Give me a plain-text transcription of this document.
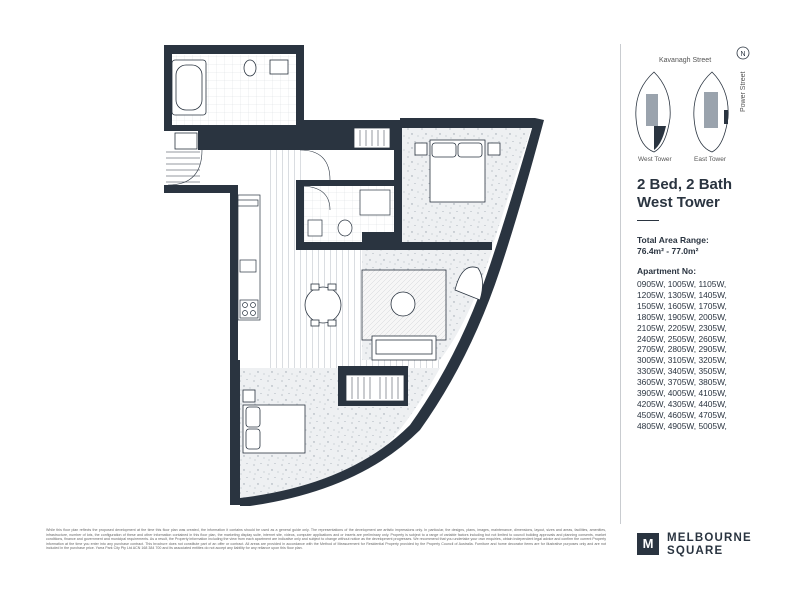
Kavanagh Street
Power Street
N
West Tower	East Tower
2 Bed, 2 Bath
West Tower
Total Area Range:
76.4m² - 77.0m²
Apartment No:
0905W, 1005W, 1105W,
1205W, 1305W, 1405W,
1505W, 1605W, 1705W,
1805W, 1905W, 2005W,
2105W, 2205W, 2305W,
2405W, 2505W, 2605W,
2705W, 2805W, 2905W,
3005W, 3105W, 3205W,
3305W, 3405W, 3505W,
3605W, 3705W, 3805W,
3905W, 4005W, 4105W,
4205W, 4305W, 4405W,
4505W, 4605W, 4705W,
4805W, 4905W, 5005W,
While this floor plan reflects the proposed development at the time this floor plan was created, the information it contains should be used as a general guide only. The representations of the development are artistic impressions only. In particular, the designs, plans, images, maintenance, dimensions, layout, sizes and areas, facilities, amenities, infrastructure, number of lots, the configuration of these and other information contained in this floor plan, the marketing display suite, internet site, videos, computer applications and or inserts are preliminary only. Property is subject to a range of variable factors including but not limited to council building approvals and planning consents, market conditions, finance and government and municipal requirements. As a result, the Property information including the view from each apartment are indicative only and subject to change without notice as the development progresses. We recommend that you undertake your own enquiries, obtain independent legal advice and confirm the current Property information at the time you enter into any purchase contract. This brochure does not constitute part of an offer or contract. All areas are provided in accordance with the Method of Measurement for Residential Property provided by the Property Council of Australia. Furniture and home decorator items are for illustrative purposes only and are not included in the purchase price. Yarra Park City Pty Ltd ACN 168 384 700 and its associated entities do not accept any liability for any reliance upon this floor plan.	M	MELBOURNE
SQUARE
